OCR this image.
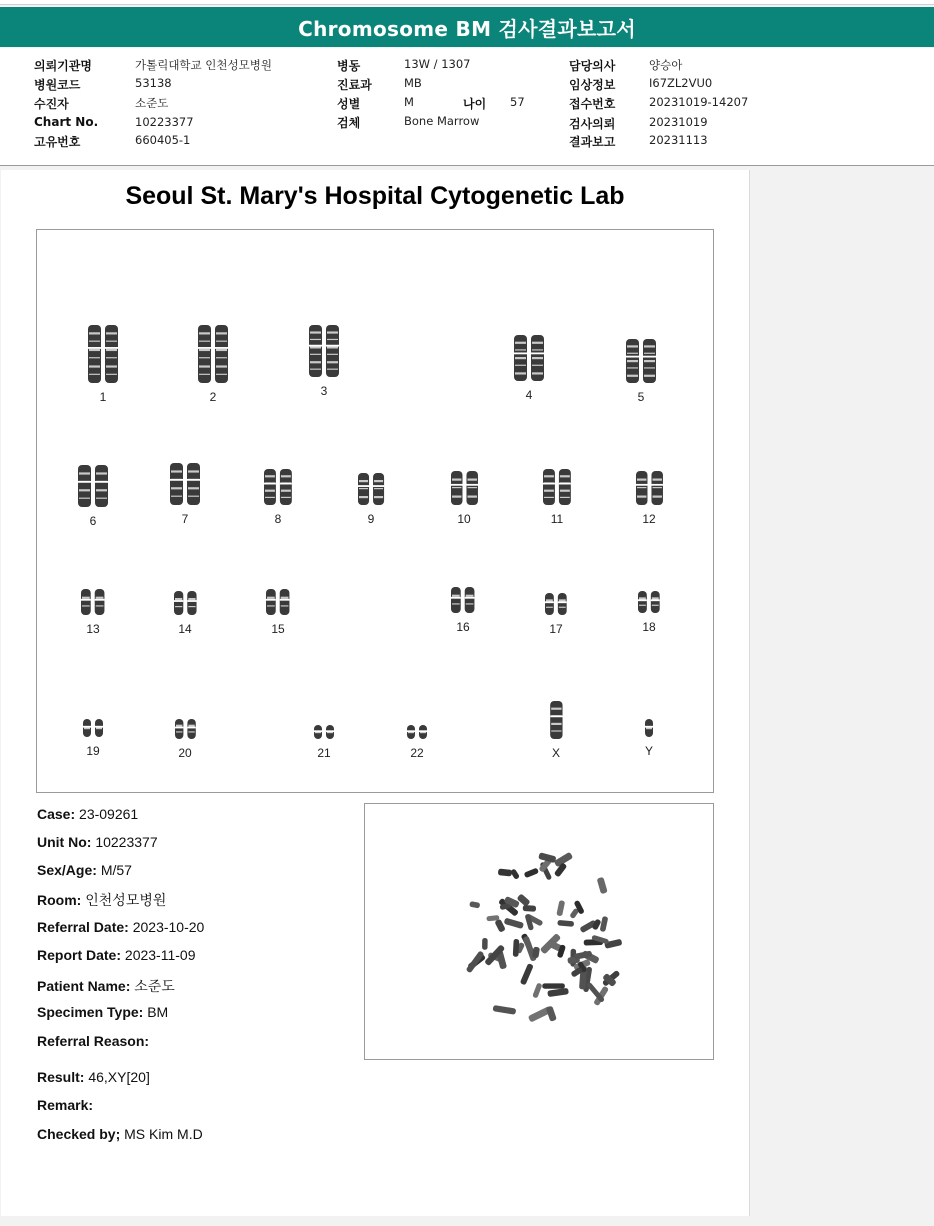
Chromosome BM 검사결과보고서
의뢰기관명	가톨릭대학교 인천성모병원
병원코드	53138
수진자	소준도
Chart No.	10223377
고유번호	660405-1
병동	13W / 1307
진료과	MB
성별	M	나이 57
검체	Bone Marrow
담당의사	양승아
임상정보	I67ZL2VU0
접수번호	20231019-14207
검사의뢰	20231019
결과보고	20231113
Seoul St. Mary's Hospital Cytogenetic Lab
1	2	3	4	5
6	7	8	9	10	11	12
13	14	15	16	17	18
19	20	21	22	X	Y
Case: 23-09261
Unit No: 10223377
Sex/Age: M/57
Room: 인천성모병원
Referral Date: 2023-10-20
Report Date: 2023-11-09
Patient Name: 소준도
Specimen Type: BM
Referral Reason:
Result: 46,XY[20]
Remark:
Checked by; MS Kim M.D
